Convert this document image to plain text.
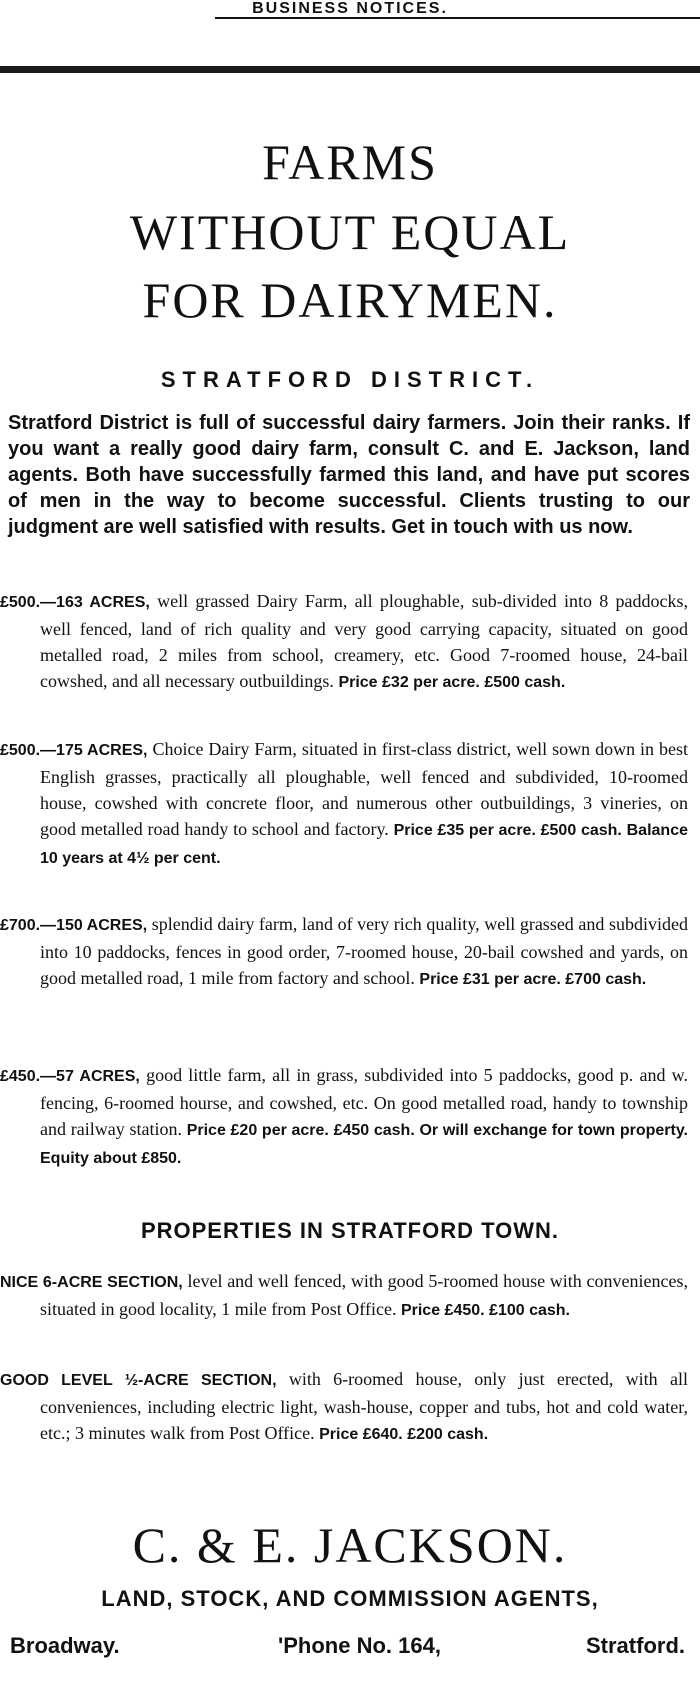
BUSINESS NOTICES.
FARMS
WITHOUT EQUAL
FOR DAIRYMEN.
STRATFORD DISTRICT.
Stratford District is full of successful dairy farmers. Join their ranks. If you want a really good dairy farm, consult C. and E. Jackson, land agents. Both have successfully farmed this land, and have put scores of men in the way to become successful. Clients trusting to our judgment are well satisfied with results. Get in touch with us now.
£500.—163 ACRES, well grassed Dairy Farm, all ploughable, sub-divided into 8 paddocks, well fenced, land of rich quality and very good carrying capacity, situated on good metalled road, 2 miles from school, creamery, etc. Good 7-roomed house, 24-bail cowshed, and all necessary outbuildings. Price £32 per acre. £500 cash.
£500.—175 ACRES, Choice Dairy Farm, situated in first-class district, well sown down in best English grasses, practically all ploughable, well fenced and subdivided, 10-roomed house, cowshed with concrete floor, and numerous other outbuildings, 3 vineries, on good metalled road handy to school and factory. Price £35 per acre. £500 cash. Balance 10 years at 4½ per cent.
£700.—150 ACRES, splendid dairy farm, land of very rich quality, well grassed and subdivided into 10 paddocks, fences in good order, 7-roomed house, 20-bail cowshed and yards, on good metalled road, 1 mile from factory and school. Price £31 per acre. £700 cash.
£450.—57 ACRES, good little farm, all in grass, subdivided into 5 paddocks, good p. and w. fencing, 6-roomed hourse, and cowshed, etc. On good metalled road, handy to township and railway station. Price £20 per acre. £450 cash. Or will exchange for town property. Equity about £850.
PROPERTIES IN STRATFORD TOWN.
NICE 6-ACRE SECTION, level and well fenced, with good 5-roomed house with conveniences, situated in good locality, 1 mile from Post Office. Price £450. £100 cash.
GOOD LEVEL ½-ACRE SECTION, with 6-roomed house, only just erected, with all conveniences, including electric light, wash-house, copper and tubs, hot and cold water, etc.; 3 minutes walk from Post Office. Price £640. £200 cash.
C. & E. JACKSON.
LAND, STOCK, AND COMMISSION AGENTS,
Broadway.	'Phone No. 164,	Stratford.
